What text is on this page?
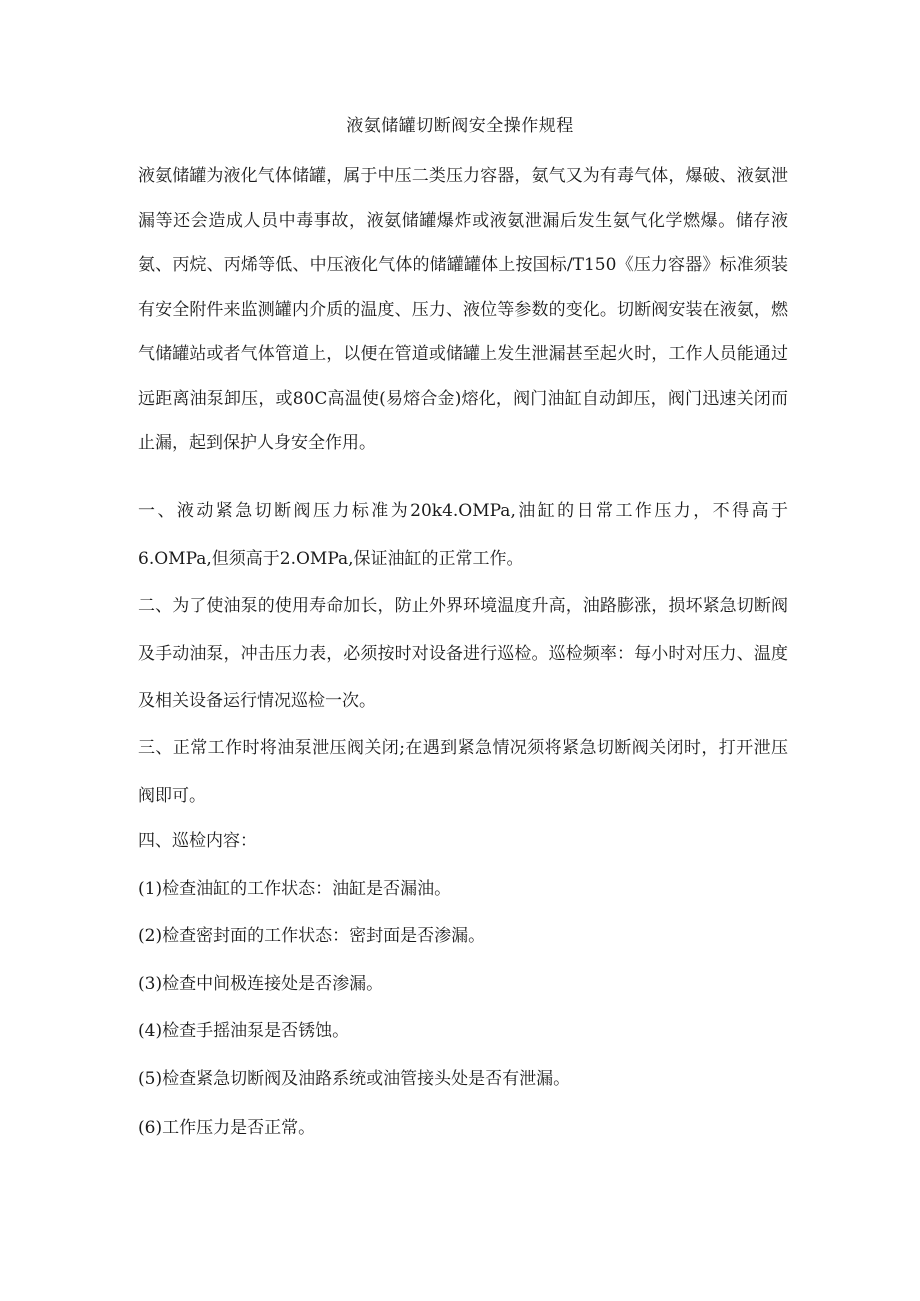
液氨储罐切断阀安全操作规程
液氨储罐为液化气体储罐，属于中压二类压力容器，氨气又为有毒气体，爆破、液氨泄漏等还会造成人员中毒事故，液氨储罐爆炸或液氨泄漏后发生氨气化学燃爆。储存液氨、丙烷、丙烯等低、中压液化气体的储罐罐体上按国标/T150《压力容器》标准须装有安全附件来监测罐内介质的温度、压力、液位等参数的变化。切断阀安装在液氨，燃气储罐站或者气体管道上，以便在管道或储罐上发生泄漏甚至起火时，工作人员能通过远距离油泵卸压，或80C高温使(易熔合金)熔化，阀门油缸自动卸压，阀门迅速关闭而止漏，起到保护人身安全作用。
一、液动紧急切断阀压力标准为20k4.OMPa,油缸的日常工作压力，不得高于6.OMPa,但须高于2.OMPa,保证油缸的正常工作。
二、为了使油泵的使用寿命加长，防止外界环境温度升高，油路膨涨，损坏紧急切断阀及手动油泵，冲击压力表，必须按时对设备进行巡检。巡检频率：每小时对压力、温度及相关设备运行情况巡检一次。
三、正常工作时将油泵泄压阀关闭;在遇到紧急情况须将紧急切断阀关闭时，打开泄压阀即可。
四、巡检内容：
(1)检查油缸的工作状态：油缸是否漏油。
(2)检查密封面的工作状态：密封面是否渗漏。
(3)检查中间极连接处是否渗漏。
(4)检查手摇油泵是否锈蚀。
(5)检查紧急切断阀及油路系统或油管接头处是否有泄漏。
(6)工作压力是否正常。
